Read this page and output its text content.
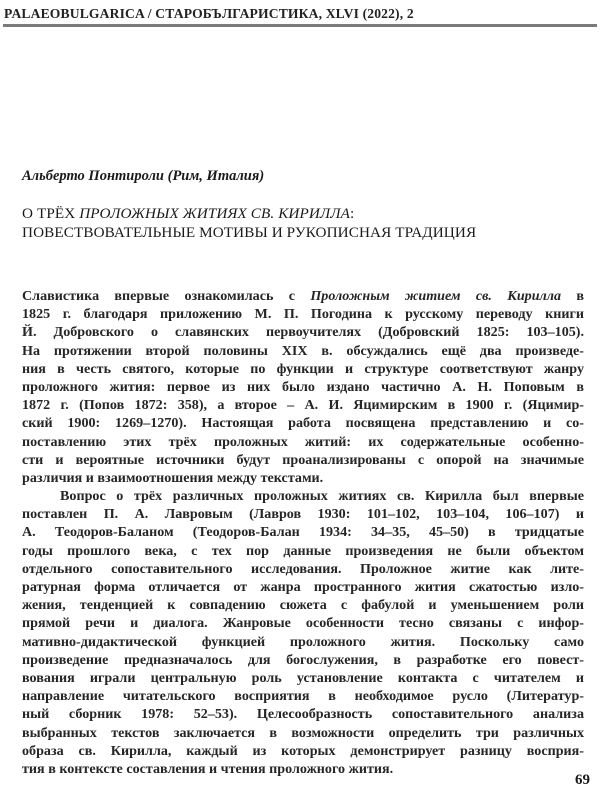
PALAEOBULGARICA / СТАРОБЪЛГАРИСТИКА, XLVI (2022), 2
Альберто Понтироли (Рим, Италия)
О ТРЁХ ПРОЛОЖНЫХ ЖИТИЯХ СВ. КИРИЛЛА:
ПОВЕСТВОВАТЕЛЬНЫЕ МОТИВЫ И РУКОПИСНАЯ ТРАДИЦИЯ
Славистика впервые ознакомилась с Проложным житием св. Кирилла в
1825 г. благодаря приложению М. П. Погодина к русскому переводу книги
Й. Добровского о славянских первоучителях (Добровский 1825: 103–105).
На протяжении второй половины XIX в. обсуждались ещё два произведе-
ния в честь святого, которые по функции и структуре соответствуют жанру
проложного жития: первое из них было издано частично А. Н. Поповым в
1872 г. (Попов 1872: 358), а второе – А. И. Яцимирским в 1900 г. (Яцимир-
ский 1900: 1269–1270). Настоящая работа посвящена представлению и со-
поставлению этих трёх проложных житий: их содержательные особенно-
сти и вероятные источники будут проанализированы с опорой на значимые
различия и взаимоотношения между текстами.
Вопрос о трёх различных проложных житиях св. Кирилла был впервые
поставлен П. А. Лавровым (Лавров 1930: 101–102, 103–104, 106–107) и
А. Теодоров-Баланом (Теодоров-Балан 1934: 34–35, 45–50) в тридцатые
годы прошлого века, с тех пор данные произведения не были объектом
отдельного сопоставительного исследования. Проложное житие как лите-
ратурная форма отличается от жанра пространного жития сжатостью изло-
жения, тенденцией к совпадению сюжета с фабулой и уменьшением роли
прямой речи и диалога. Жанровые особенности тесно связаны с инфор-
мативно-дидактической функцией проложного жития. Поскольку само
произведение предназначалось для богослужения, в разработке его повест-
вования играли центральную роль установление контакта с читателем и
направление читательского восприятия в необходимое русло (Литератур-
ный сборник 1978: 52–53). Целесообразность сопоставительного анализа
выбранных текстов заключается в возможности определить три различных
образа св. Кирилла, каждый из которых демонстрирует разницу восприя-
тия в контексте составления и чтения проложного жития.
69
